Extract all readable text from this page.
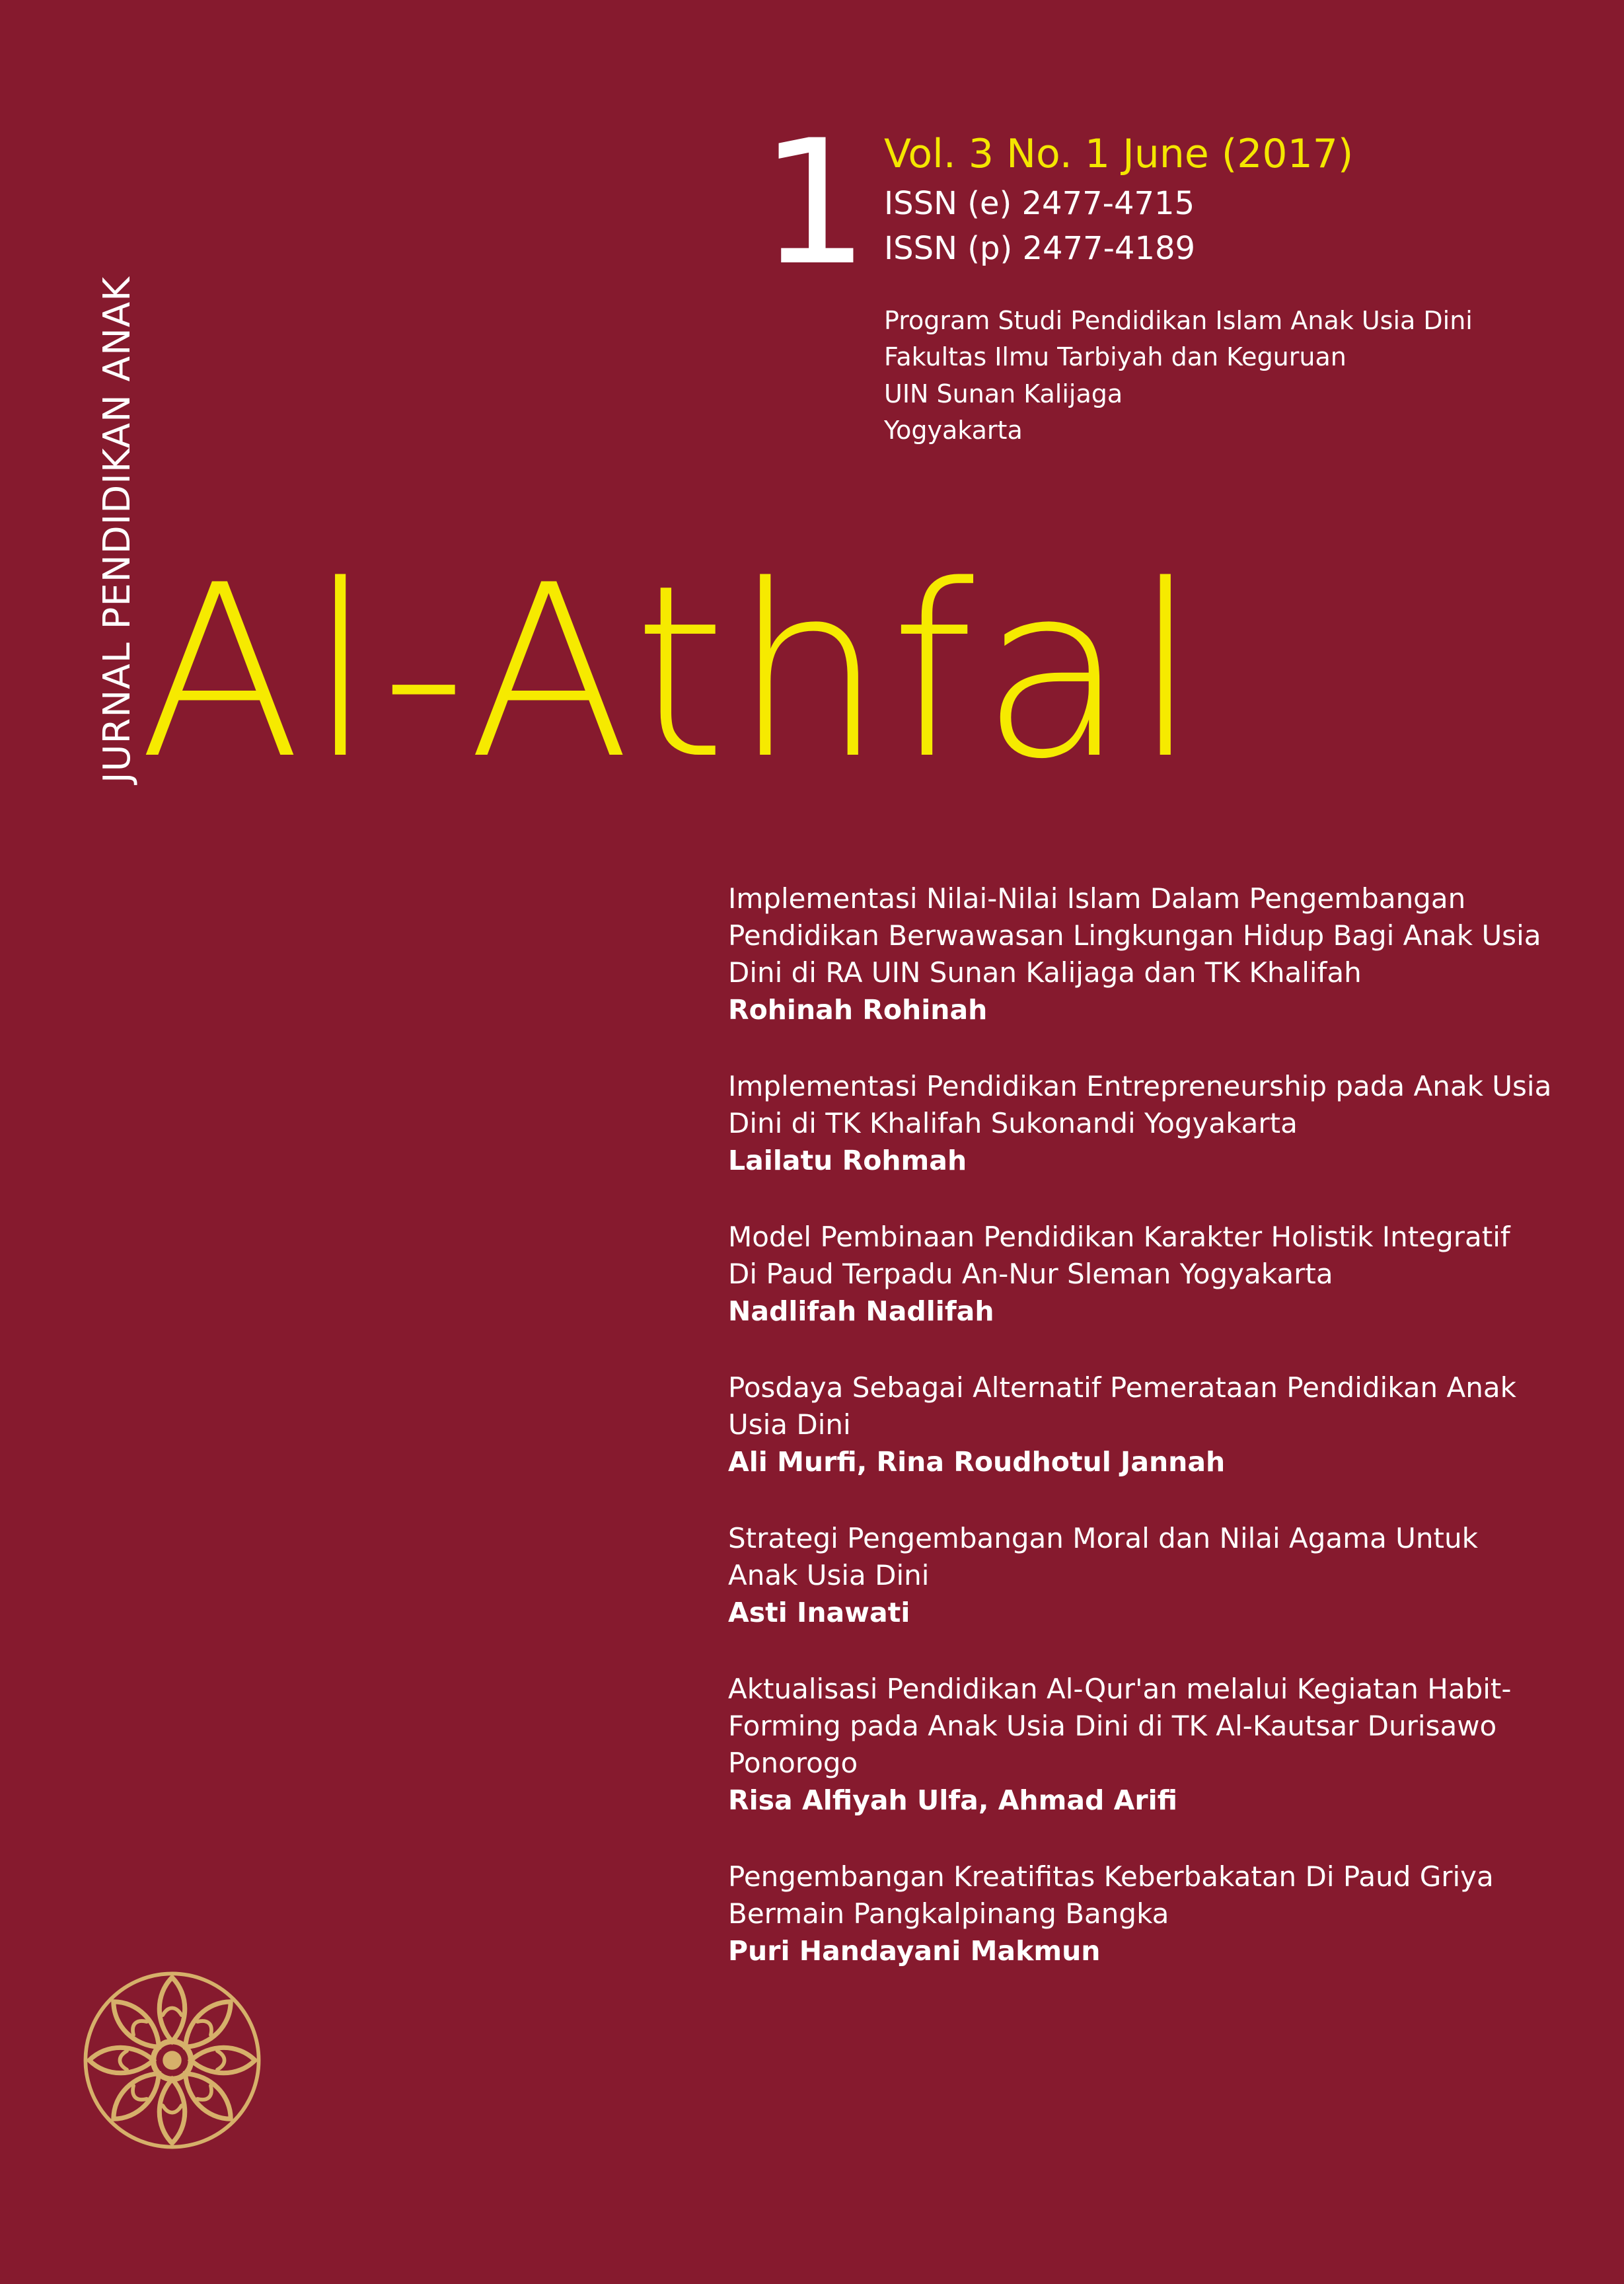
JURNAL PENDIDIKAN ANAK
1 Vol. 3 No. 1 June (2017)
ISSN (e) 2477-4715
ISSN (p) 2477-4189
Program Studi Pendidikan Islam Anak Usia Dini
Fakultas Ilmu Tarbiyah dan Keguruan
UIN Sunan Kalijaga
Yogyakarta
Al-Athfal
Implementasi Nilai-Nilai Islam Dalam Pengembangan
Pendidikan Berwawasan Lingkungan Hidup Bagi Anak Usia
Dini di RA UIN Sunan Kalijaga dan TK Khalifah
Rohinah Rohinah
Implementasi Pendidikan Entrepreneurship pada Anak Usia
Dini di TK Khalifah Sukonandi Yogyakarta
Lailatu Rohmah
Model Pembinaan Pendidikan Karakter Holistik Integratif
Di Paud Terpadu An-Nur Sleman Yogyakarta
Nadlifah Nadlifah
Posdaya Sebagai Alternatif Pemerataan Pendidikan Anak
Usia Dini
Ali Murfi, Rina Roudhotul Jannah
Strategi Pengembangan Moral dan Nilai Agama Untuk
Anak Usia Dini
Asti Inawati
Aktualisasi Pendidikan Al-Qur'an melalui Kegiatan Habit-
Forming pada Anak Usia Dini di TK Al-Kautsar Durisawo
Ponorogo
Risa Alfiyah Ulfa, Ahmad Arifi
Pengembangan Kreatifitas Keberbakatan Di Paud Griya
Bermain Pangkalpinang Bangka
Puri Handayani Makmun
